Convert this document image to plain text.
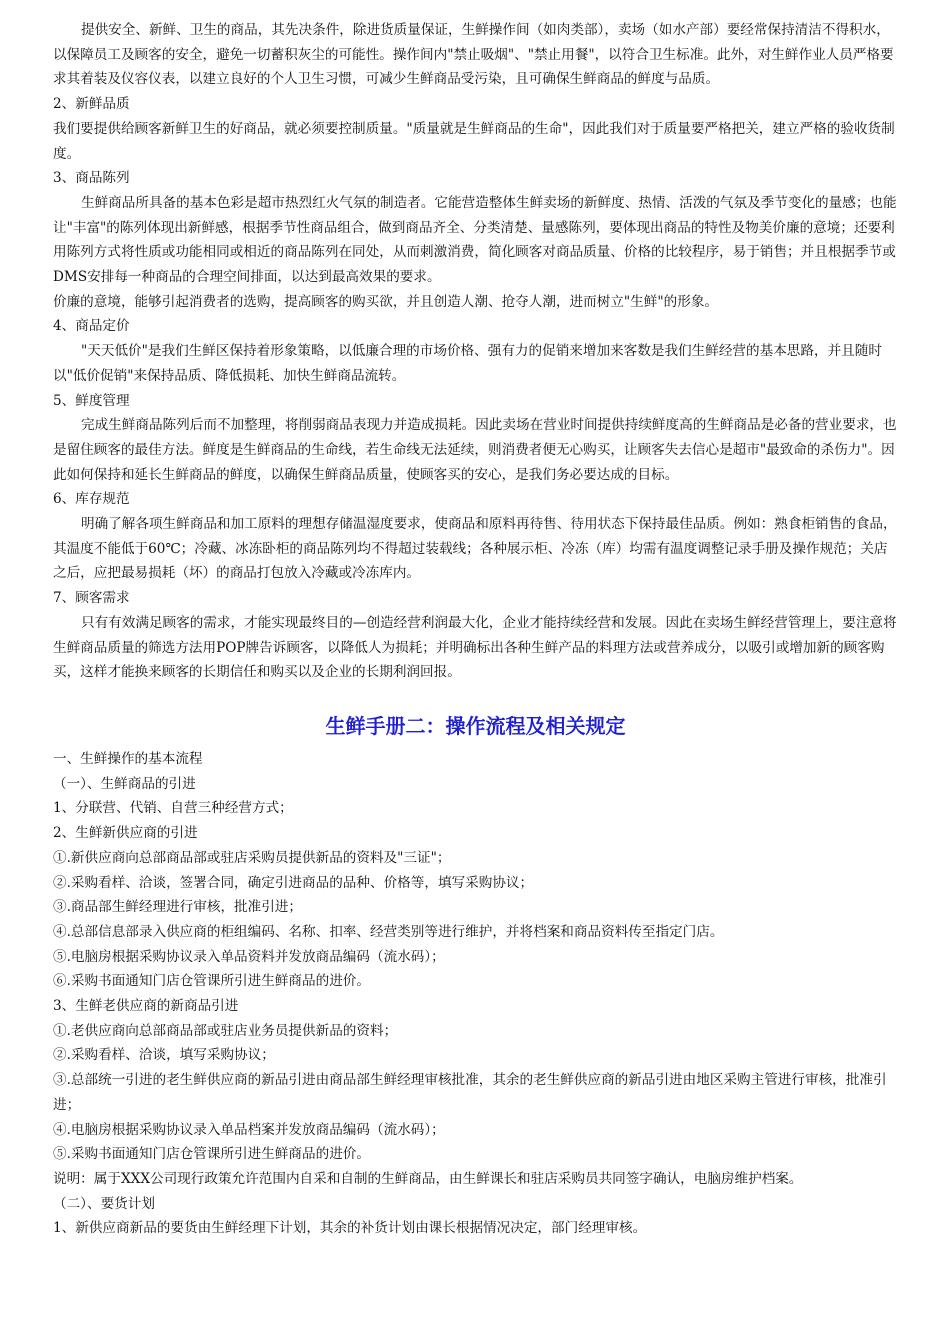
提供安全、新鲜、卫生的商品，其先决条件，除进货质量保证，生鲜操作间（如肉类部），卖场（如水产部）要经常保持清洁不得积水，以保障员工及顾客的安全，避免一切蓄积灰尘的可能性。操作间内"禁止吸烟"、"禁止用餐"，以符合卫生标准。此外，对生鲜作业人员严格要求其着装及仪容仪表，以建立良好的个人卫生习惯，可减少生鲜商品受污染，且可确保生鲜商品的鲜度与品质。

2、新鲜品质

我们要提供给顾客新鲜卫生的好商品，就必须要控制质量。"质量就是生鲜商品的生命"，因此我们对于质量要严格把关，建立严格的验收货制度。

3、商品陈列

生鲜商品所具备的基本色彩是超市热烈红火气氛的制造者。它能营造整体生鲜卖场的新鲜度、热情、活泼的气氛及季节变化的量感；也能让"丰富"的陈列体现出新鲜感，根据季节性商品组合，做到商品齐全、分类清楚、量感陈列，要体现出商品的特性及物美价廉的意境；还要利用陈列方式将性质或功能相同或相近的商品陈列在同处，从而刺激消费，简化顾客对商品质量、价格的比较程序，易于销售；并且根据季节或DMS安排每一种商品的合理空间排面，以达到最高效果的要求。

价廉的意境，能够引起消费者的选购，提高顾客的购买欲，并且创造人潮、抢夺人潮，进而树立"生鲜"的形象。

4、商品定价

"天天低价"是我们生鲜区保持着形象策略，以低廉合理的市场价格、强有力的促销来增加来客数是我们生鲜经营的基本思路，并且随时以"低价促销"来保持品质、降低损耗、加快生鲜商品流转。

5、鲜度管理

完成生鲜商品陈列后而不加整理，将削弱商品表现力并造成损耗。因此卖场在营业时间提供持续鲜度高的生鲜商品是必备的营业要求，也是留住顾客的最佳方法。鲜度是生鲜商品的生命线，若生命线无法延续，则消费者便无心购买，让顾客失去信心是超市"最致命的杀伤力"。因此如何保持和延长生鲜商品的鲜度，以确保生鲜商品质量，使顾客买的安心，是我们务必要达成的目标。

6、库存规范

明确了解各项生鲜商品和加工原料的理想存储温湿度要求，使商品和原料再待售、待用状态下保持最佳品质。例如：熟食柜销售的食品，其温度不能低于60℃；冷藏、冰冻卧柜的商品陈列均不得超过装载线；各种展示柜、冷冻（库）均需有温度调整记录手册及操作规范；关店之后，应把最易损耗（坏）的商品打包放入冷藏或冷冻库内。

7、顾客需求

只有有效满足顾客的需求，才能实现最终目的—创造经营利润最大化，企业才能持续经营和发展。因此在卖场生鲜经营管理上，要注意将生鲜商品质量的筛选方法用POP牌告诉顾客，以降低人为损耗；并明确标出各种生鲜产品的料理方法或营养成分，以吸引或增加新的顾客购买，这样才能换来顾客的长期信任和购买以及企业的长期利润回报。

生鲜手册二：操作流程及相关规定

一、生鲜操作的基本流程

（一）、生鲜商品的引进

1、分联营、代销、自营三种经营方式；

2、生鲜新供应商的引进

①.新供应商向总部商品部或驻店采购员提供新品的资料及"三证"；

②.采购看样、洽谈，签署合同，确定引进商品的品种、价格等，填写采购协议；

③.商品部生鲜经理进行审核，批准引进；

④.总部信息部录入供应商的柜组编码、名称、扣率、经营类别等进行维护，并将档案和商品资料传至指定门店。

⑤.电脑房根据采购协议录入单品资料并发放商品编码（流水码）；

⑥.采购书面通知门店仓管课所引进生鲜商品的进价。

3、生鲜老供应商的新商品引进

①.老供应商向总部商品部或驻店业务员提供新品的资料；

②.采购看样、洽谈，填写采购协议；

③.总部统一引进的老生鲜供应商的新品引进由商品部生鲜经理审核批准，其余的老生鲜供应商的新品引进由地区采购主管进行审核，批准引进；

④.电脑房根据采购协议录入单品档案并发放商品编码（流水码）；

⑤.采购书面通知门店仓管课所引进生鲜商品的进价。

说明：属于XXX公司现行政策允许范围内自采和自制的生鲜商品，由生鲜课长和驻店采购员共同签字确认，电脑房维护档案。

（二）、要货计划

1、新供应商新品的要货由生鲜经理下计划，其余的补货计划由课长根据情况决定，部门经理审核。
